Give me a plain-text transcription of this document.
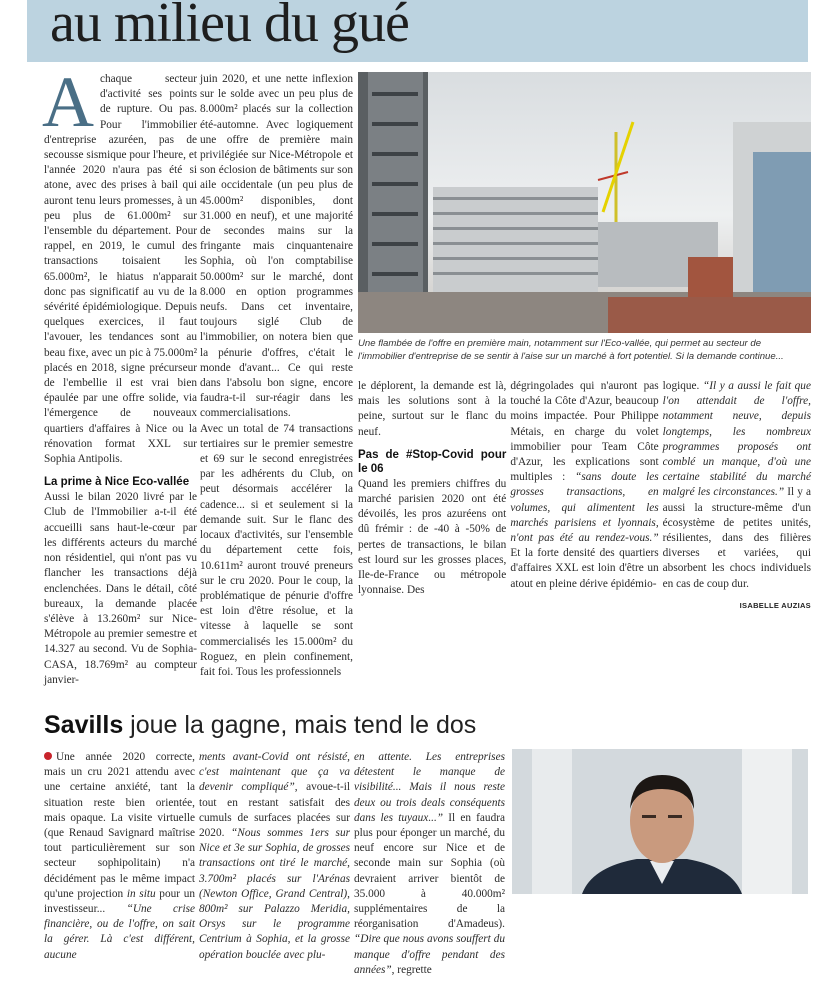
au milieu du gué

Achaque secteur d'activité ses points de rupture. Ou pas. Pour l'immobilier d'entreprise azuréen, pas de secousse sismique pour l'heure, et l'année 2020 n'aura pas été si atone, avec des prises à bail qui auront tenu leurs promesses, à un peu plus de 61.000m² sur l'ensemble du département. Pour rappel, en 2019, le cumul des transactions toisaient les 65.000m², le hiatus n'apparait donc pas significatif au vu de la sévérité épidémiologique. Depuis quelques exercices, il faut l'avouer, les tendances sont au beau fixe, avec un pic à 75.000m² placés en 2018, signe précurseur de l'embellie il est vrai bien épaulée par une offre solide, via l'émergence de nouveaux quartiers d'affaires à Nice ou la rénovation format XXL sur Sophia Antipolis.

La prime à Nice Eco-vallée

Aussi le bilan 2020 livré par le Club de l'Immobilier a-t-il été accueilli sans haut-le-cœur par les différents acteurs du marché non résidentiel, qui n'ont pas vu flancher les transactions déjà enclenchées. Dans le détail, côté bureaux, la demande placée s'élève à 13.260m² sur Nice-Métropole au premier semestre et 14.327 au second. Vu de Sophia-CASA, 18.769m² au compteur janvier-

juin 2020, et une nette inflexion sur le solde avec un peu plus de 8.000m² placés sur la collection été-automne. Avec logiquement une offre de première main privilégiée sur Nice-Métropole et son éclosion de bâtiments sur son aile occidentale (un peu plus de 45.000m² disponibles, dont 31.000 en neuf), et une majorité de secondes mains sur la fringante mais cinquantenaire Sophia, où l'on comptabilise 50.000m² sur le marché, dont 8.000 en option programmes neufs. Dans cet inventaire, toujours siglé Club de l'immobilier, on notera bien que la pénurie d'offres, c'était le monde d'avant... Ce qui reste dans l'absolu bon signe, encore faudra-t-il sur-réagir dans les commercialisations.

Avec un total de 74 transactions tertiaires sur le premier semestre et 69 sur le second enregistrées par les adhérents du Club, on peut désormais accélérer la cadence... si et seulement si la demande suit. Sur le flanc des locaux d'activités, sur l'ensemble du département cette fois, 10.611m² auront trouvé preneurs sur le cru 2020. Pour le coup, la problématique de pénurie d'offre est loin d'être résolue, et la vitesse à laquelle se sont commercialisés les 15.000m² du Roguez, en plein confinement, fait foi. Tous les professionnels

Une flambée de l'offre en première main, notamment sur l'Eco-vallée, qui permet au secteur de l'immobilier d'entreprise de se sentir à l'aise sur un marché à fort potentiel. Si la demande continue...

le déplorent, la demande est là, mais les solutions sont à la peine, surtout sur le flanc du neuf.

Pas de #Stop-Covid pour le 06

Quand les premiers chiffres du marché parisien 2020 ont été dévoilés, les pros azuréens ont dû frémir : de -40 à -50% de pertes de transactions, le bilan est lourd sur les grosses places, Ile-de-France ou métropole lyonnaise. Des

dégringolades qui n'auront pas touché la Côte d'Azur, beaucoup moins impactée. Pour Philippe Métais, en charge du volet immobilier pour Team Côte d'Azur, les explications sont multiples : “sans doute les grosses transactions, en volumes, qui alimentent les marchés parisiens et lyonnais, n'ont pas été au rendez-vous.” Et la forte densité des quartiers d'affaires XXL est loin d'être un atout en pleine dérive épidémio-

logique. “Il y a aussi le fait que l'on attendait de l'offre, notamment neuve, depuis longtemps, les nombreux programmes proposés ont comblé un manque, d'où une certaine stabilité du marché malgré les circonstances.” Il y a aussi la structure-même d'un écosystème de petites unités, résilientes, dans des filières diverses et variées, qui absorbent les chocs individuels en cas de coup dur.

ISABELLE AUZIAS
Savills joue la gagne, mais tend le dos

Une année 2020 correcte, mais un cru 2021 attendu avec une certaine anxiété, tant la situation reste bien orientée, mais opaque. La visite virtuelle (que Renaud Savignard maîtrise tout particulièrement sur son secteur sophipolitain) n'a décidément pas le même impact qu'une projection in situ pour un investisseur... “Une crise financière, ou de l'offre, on sait la gérer. Là c'est différent, aucune

ments avant-Covid ont résisté, c'est maintenant que ça va devenir compliqué”, avoue-t-il tout en restant satisfait des cumuls de surfaces placées sur 2020. “Nous sommes 1ers sur Nice et 3e sur Sophia, de grosses transactions ont tiré le marché, 3.700m² placés sur l'Arénas (Newton Office, Grand Central), 800m² sur Palazzo Meridia, Orsys sur le programme Centrium à Sophia, et la grosse opération bouclée avec plu-

en attente. Les entreprises détestent le manque de visibilité... Mais il nous reste deux ou trois deals conséquents dans les tuyaux...” Il en faudra plus pour éponger un marché, du neuf encore sur Nice et de seconde main sur Sophia (où devraient arriver bientôt de 35.000 à 40.000m² supplémentaires de la réorganisation d'Amadeus). “Dire que nous avons souffert du manque d'offre pendant des années”, regrette
